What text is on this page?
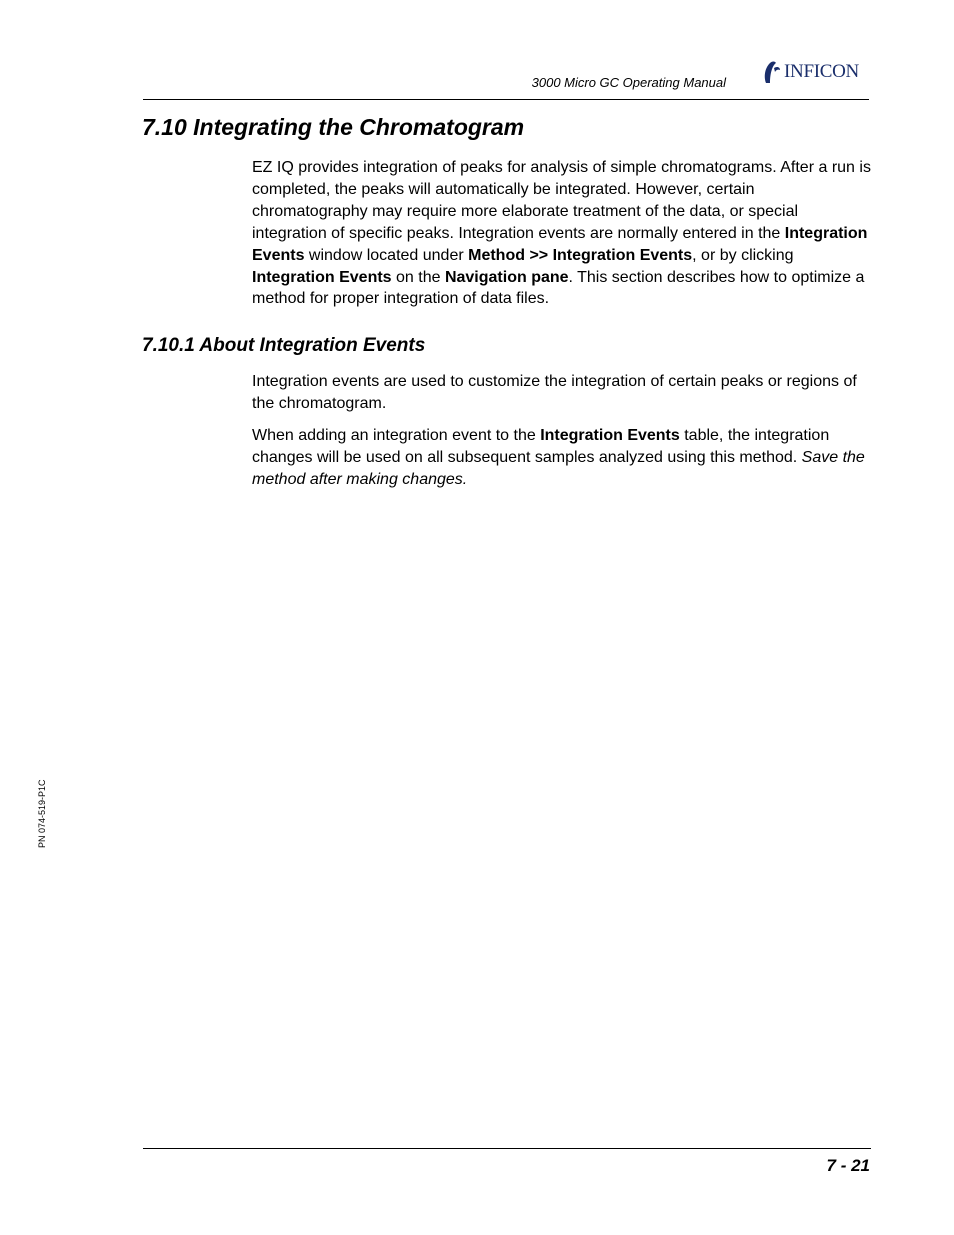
3000 Micro GC Operating Manual
INFICON
7.10 Integrating the Chromatogram

EZ IQ provides integration of peaks for analysis of simple chromatograms. After a run is completed, the peaks will automatically be integrated. However, certain chromatography may require more elaborate treatment of the data, or special integration of specific peaks. Integration events are normally entered in the Integration Events window located under Method >> Integration Events, or by clicking Integration Events on the Navigation pane. This section describes how to optimize a method for proper integration of data files.

7.10.1 About Integration Events

Integration events are used to customize the integration of certain peaks or regions of the chromatogram.

When adding an integration event to the Integration Events table, the integration changes will be used on all subsequent samples analyzed using this method. Save the method after making changes.

PN 074-519-P1C
7 - 21
